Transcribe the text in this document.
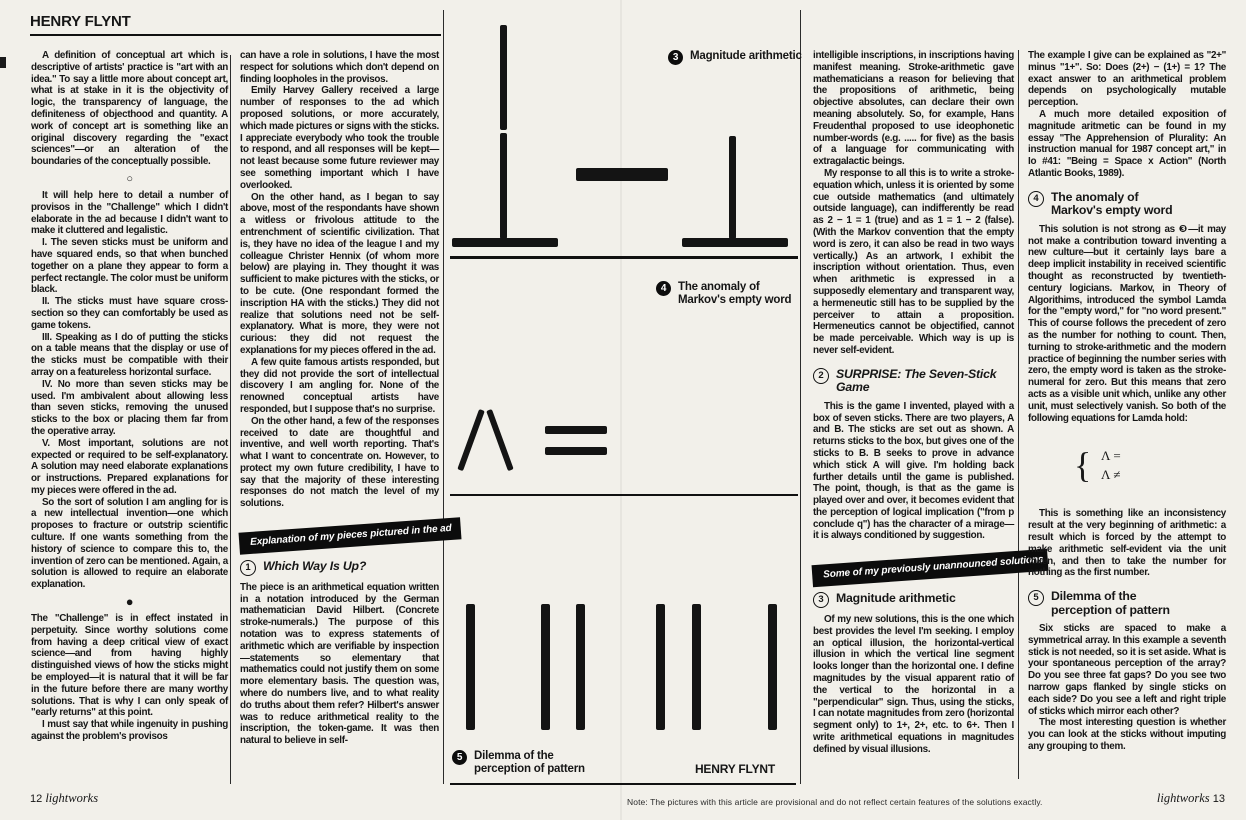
HENRY FLYNT

A definition of conceptual art which is descriptive of artists' practice is "art with an idea." To say a little more about concept art, what is at stake in it is the objectivity of logic, the transparency of language, the definiteness of objecthood and quantity. A work of concept art is something like an original discovery regarding the "exact sciences"—or an alteration of the boundaries of the conceptually possible.

○

It will help here to detail a number of provisos in the "Challenge" which I didn't elaborate in the ad because I didn't want to make it cluttered and legalistic.

I. The seven sticks must be uniform and have squared ends, so that when bunched together on a plane they appear to form a perfect rectangle. The color must be uniform black.

II. The sticks must have square cross-section so they can comfortably be used as game tokens.

III. Speaking as I do of putting the sticks on a table means that the display or use of the sticks must be compatible with their array on a featureless horizontal surface.

IV. No more than seven sticks may be used. I'm ambivalent about allowing less than seven sticks, removing the unused sticks to the box or placing them far from the operative array.

V. Most important, solutions are not expected or required to be self-explanatory. A solution may need elaborate explanations or instructions. Prepared explanations for my pieces were offered in the ad.

So the sort of solution I am angling for is a new intellectual invention—one which proposes to fracture or outstrip scientific culture. If one wants something from the history of science to compare this to, the invention of zero can be mentioned. Again, a solution is allowed to require an elaborate explanation.

●

The "Challenge" is in effect instated in perpetuity. Since worthy solutions come from having a deep critical view of exact science—and from having highly distinguished views of how the sticks might be employed—it is natural that it will be far in the future before there are many worthy solutions. That is why I can only speak of "early returns" at this point.

I must say that while ingenuity in pushing against the problem's provisos

can have a role in solutions, I have the most respect for solutions which don't depend on finding loopholes in the provisos.

Emily Harvey Gallery received a large number of responses to the ad which proposed solutions, or more accurately, which made pictures or signs with the sticks. I appreciate everybody who took the trouble to respond, and all responses will be kept—not least because some future reviewer may see something important which I have overlooked.

On the other hand, as I began to say above, most of the respondants have shown a witless or frivolous attitude to the entrenchment of scientific civilization. That is, they have no idea of the league I and my colleague Christer Hennix (of whom more below) are playing in. They thought it was sufficient to make pictures with the sticks, or to be cute. (One respondant formed the inscription HA with the sticks.) They did not realize that solutions need not be self-explanatory. What is more, they were not curious: they did not request the explanations for my pieces offered in the ad.

A few quite famous artists responded, but they did not provide the sort of intellectual discovery I am angling for. None of the renowned conceptual artists have responded, but I suppose that's no surprise.

On the other hand, a few of the responses received to date are thoughtful and inventive, and well worth reporting. That's what I want to concentrate on. However, to protect my own future credibility, I have to say that the majority of these interesting responses do not match the level of my solutions.

Explanation of my pieces pictured in the ad
1	Which Way Is Up?

The piece is an arithmetical equation written in a notation introduced by the German mathematician David Hilbert. (Concrete stroke-numerals.) The purpose of this notation was to express statements of arithmetic which are verifiable by inspection—statements so elementary that mathematics could not justify them on some more elementary basis. The question was, where do numbers live, and to what reality do truths about them refer? Hilbert's answer was to reduce arithmetical reality to the inscription, the token-game. It was then natural to believe in self-

3	Magnitude arithmetic
4	The anomaly of
Markov's empty word
5	Dilemma of the
perception of pattern	HENRY FLYNT

intelligible inscriptions, in inscriptions having manifest meaning. Stroke-arithmetic gave mathematicians a reason for believing that the propositions of arithmetic, being objective absolutes, can declare their own meaning absolutely. So, for example, Hans Freudenthal proposed to use ideophonetic number-words (e.g. ..... for five) as the basis of a language for communicating with extragalactic beings.

My response to all this is to write a stroke-equation which, unless it is oriented by some cue outside mathematics (and ultimately outside language), can indifferently be read as 2 − 1 = 1 (true) and as 1 = 1 − 2 (false). (With the Markov convention that the empty word is zero, it can also be read in two ways vertically.) As an artwork, I exhibit the inscription without orientation. Thus, even when arithmetic is expressed in a supposedly elementary and transparent way, a hermeneutic still has to be supplied by the perceiver to attain a proposition. Hermeneutics cannot be objectified, cannot be made perceivable. Which way is up is never self-evident.

2	SURPRISE: The Seven-Stick Game

This is the game I invented, played with a box of seven sticks. There are two players, A and B. The sticks are set out as shown. A returns sticks to the box, but gives one of the sticks to B. B seeks to prove in advance which stick A will give. I'm holding back further details until the game is published. The point, though, is that as the game is played over and over, it becomes evident that the perception of logical implication ("from p conclude q") has the character of a mirage—it is always conditioned by suggestion.

Some of my previously unannounced solutions
3	Magnitude arithmetic

Of my new solutions, this is the one which best provides the level I'm seeking. I employ an optical illusion, the horizontal-vertical illusion in which the vertical line segment looks longer than the horizontal one. I define magnitudes by the visual apparent ratio of the vertical to the horizontal in a "perpendicular" sign. Thus, using the sticks, I can notate magnitudes from zero (horizontal segment only) to 1+, 2+, etc. to 6+. Then I write arithmetical equations in magnitudes defined by visual illusions.

The example I give can be explained as "2+" minus "1+". So: Does (2+) − (1+) = 1? The exact answer to an arithmetical problem depends on psychologically mutable perception.

A much more detailed exposition of magnitude aritmetic can be found in my essay "The Apprehension of Plurality: An instruction manual for 1987 concept art," in Io #41: "Being = Space x Action" (North Atlantic Books, 1989).

4	The anomaly of
Markov's empty word

This solution is not strong as ❸—it may not make a contribution toward inventing a new culture—but it certainly lays bare a deep implicit instability in received scientific thought as reconstructed by twentieth-century logicians. Markov, in Theory of Algorithims, introduced the symbol Lamda for the "empty word," for "no word present." This of course follows the precedent of zero as the number for nothing to count. Then, turning to stroke-arithmetic and the modern practice of beginning the number series with zero, the empty word is taken as the stroke-numeral for zero. But this means that zero acts as a visible unit which, unlike any other unit, must selectively vanish. So both of the following equations for Lamda hold:

{ Λ =
Λ ≠

This is something like an inconsistency result at the very beginning of arithmetic: a result which is forced by the attempt to make arithmetic self-evident via the unit token, and then to take the number for nothing as the first number.

5	Dilemma of the
perception of pattern

Six sticks are spaced to make a symmetrical array. In this example a seventh stick is not needed, so it is set aside. What is your spontaneous perception of the array? Do you see three fat gaps? Do you see two narrow gaps flanked by single sticks on each side? Do you see a left and right triple of sticks which mirror each other?

The most interesting question is whether you can look at the sticks without imputing any grouping to them.

12 lightworks	lightworks 13
Note: The pictures with this article are provisional and do not reflect certain features of the solutions exactly.
